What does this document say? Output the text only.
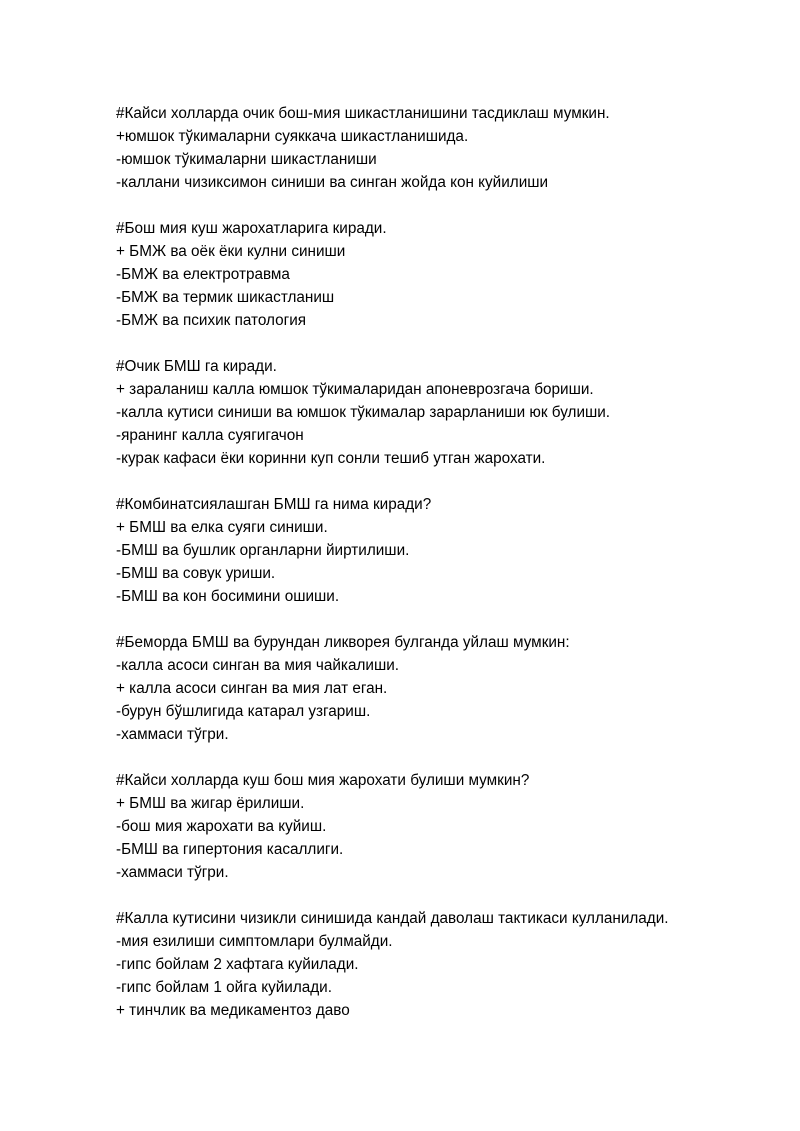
#Кайси холларда очик бош-мия шикастланишини тасдиклаш мумкин.
+юмшок тўкималарни суяккача шикастланишида.
-юмшок тўкималарни шикастланиши
-каллани чизиксимон синиши ва синган жойда кон куйилиши
#Бош мия куш жарохатларига киради.
+ БМЖ ва оёк ёки кулни синиши
-БМЖ ва електротравма
-БМЖ ва термик шикастланиш
-БМЖ ва психик патология
#Очик БМШ га киради.
+ зараланиш калла юмшок тўкималаридан апоневрозгача бориши.
-калла кутиси синиши ва юмшок тўкималар зарарланиши юк булиши.
-яранинг калла суягигачон
-курак кафаси ёки коринни куп сонли тешиб утган жарохати.
#Комбинатсиялашган БМШ га нима киради?
+ БМШ ва елка суяги синиши.
-БМШ ва бушлик органларни йиртилиши.
-БМШ ва совук уриши.
-БМШ ва кон босимини ошиши.
#Беморда БМШ ва бурундан ликворея булганда уйлаш мумкин:
-калла асоси синган ва мия чайкалиши.
+ калла асоси синган ва мия лат еган.
-бурун бўшлигида катарал узгариш.
-хаммаси тўгри.
#Кайси холларда куш бош мия жарохати булиши мумкин?
+ БМШ ва жигар ёрилиши.
-бош мия жарохати ва куйиш.
-БМШ ва гипертония касаллиги.
-хаммаси тўгри.
#Калла кутисини чизикли синишида кандай даволаш тактикаси кулланилади.
-мия езилиши симптомлари булмайди.
-гипс бойлам 2 хафтага куйилади.
-гипс бойлам 1 ойга куйилади.
+ тинчлик ва медикаментоз даво
